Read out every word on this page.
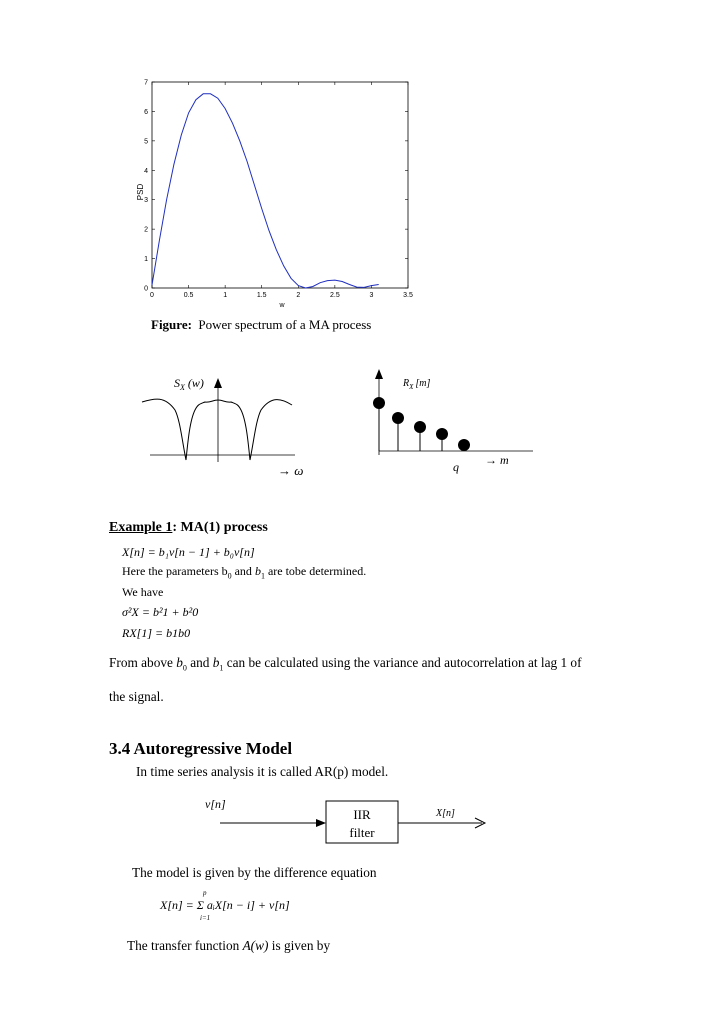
0	0.5	1	1.5	2	2.5	3	3.5
0
1
2
3
4
5
6
7
PSD
w
Figure: Power spectrum of a MA process
$S_X$ (w)
→ ω
$R_X$ [m]
q → m
Example 1: MA(1) process
X[n] = b₁v[n − 1] + b₀v[n]
Here the parameters $b_0$ and $b_1$ are tobe determined.
We have
σ²X = b²1 + b²0
RX[1] = b1b0
From above $b_0$ and $b_1$ can be calculated using the variance and autocorrelation at lag 1 of
the signal.
3.4 Autoregressive Model
In time series analysis it is called AR(p) model.
v[n]
IIR
filter
X[n]
The model is given by the difference equation
p
X[n] = Σ aᵢX[n − i] + v[n]
i=1
The transfer function A(w) is given by
